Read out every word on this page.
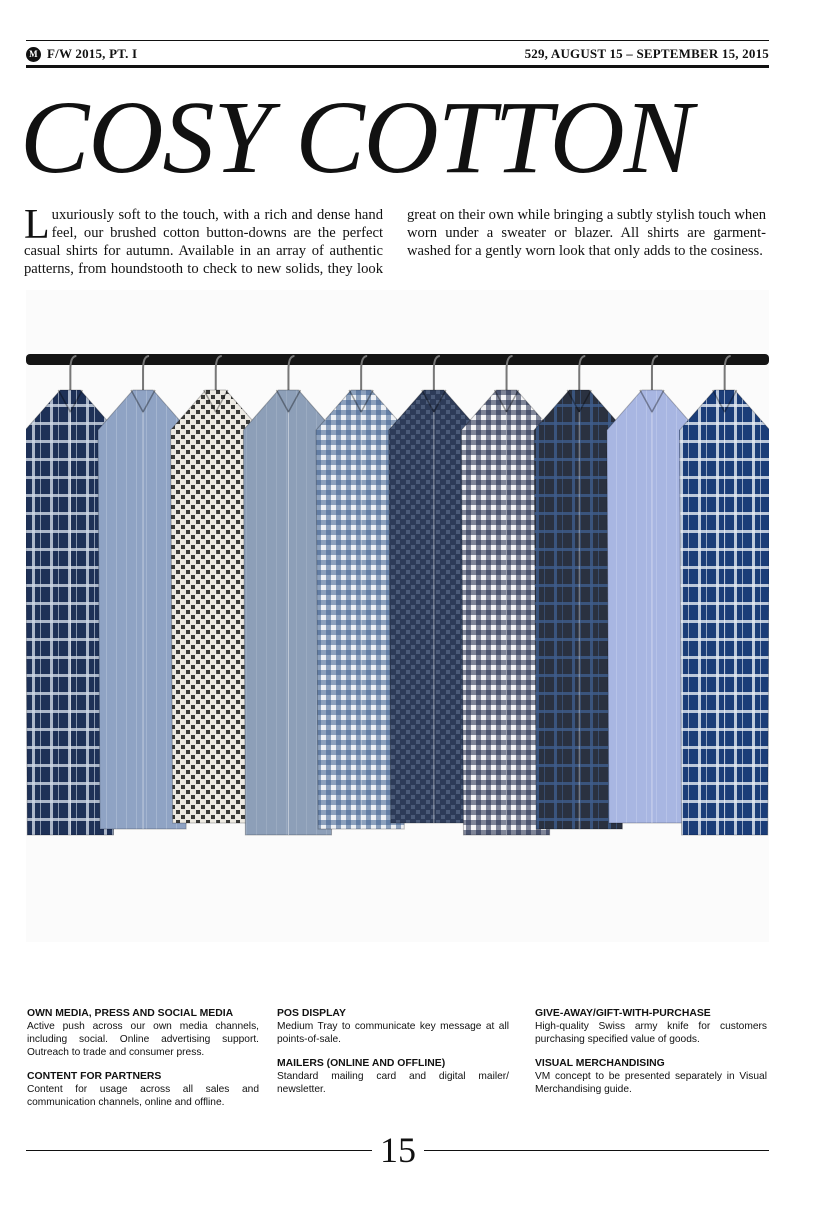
M F/W 2015, PT. I	529, AUGUST 15 – SEPTEMBER 15, 2015
COSY COTTON
Luxuriously soft to the touch, with a rich and dense hand feel, our brushed cotton button-downs are the perfect casual shirts for autumn. Available in an array of authentic patterns, from houndstooth to check to new solids, they look great on their own while bringing a subtly stylish touch when worn under a sweater or blazer. All shirts are garment-washed for a gently worn look that only adds to the cosiness.
OWN MEDIA, PRESS AND SOCIAL MEDIA
Active push across our own media channels, including social. Online advertising support. Outreach to trade and consumer press.
CONTENT FOR PARTNERS
Content for usage across all sales and communication channels, online and offline.
POS DISPLAY
Medium Tray to communicate key message at all points-of-sale.
MAILERS (ONLINE AND OFFLINE)
Standard mailing card and digital mailer/ newsletter.
GIVE-AWAY/GIFT-WITH-PURCHASE
High-quality Swiss army knife for customers purchasing specified value of goods.
VISUAL MERCHANDISING
VM concept to be presented separately in Visual Merchandising guide.
15
